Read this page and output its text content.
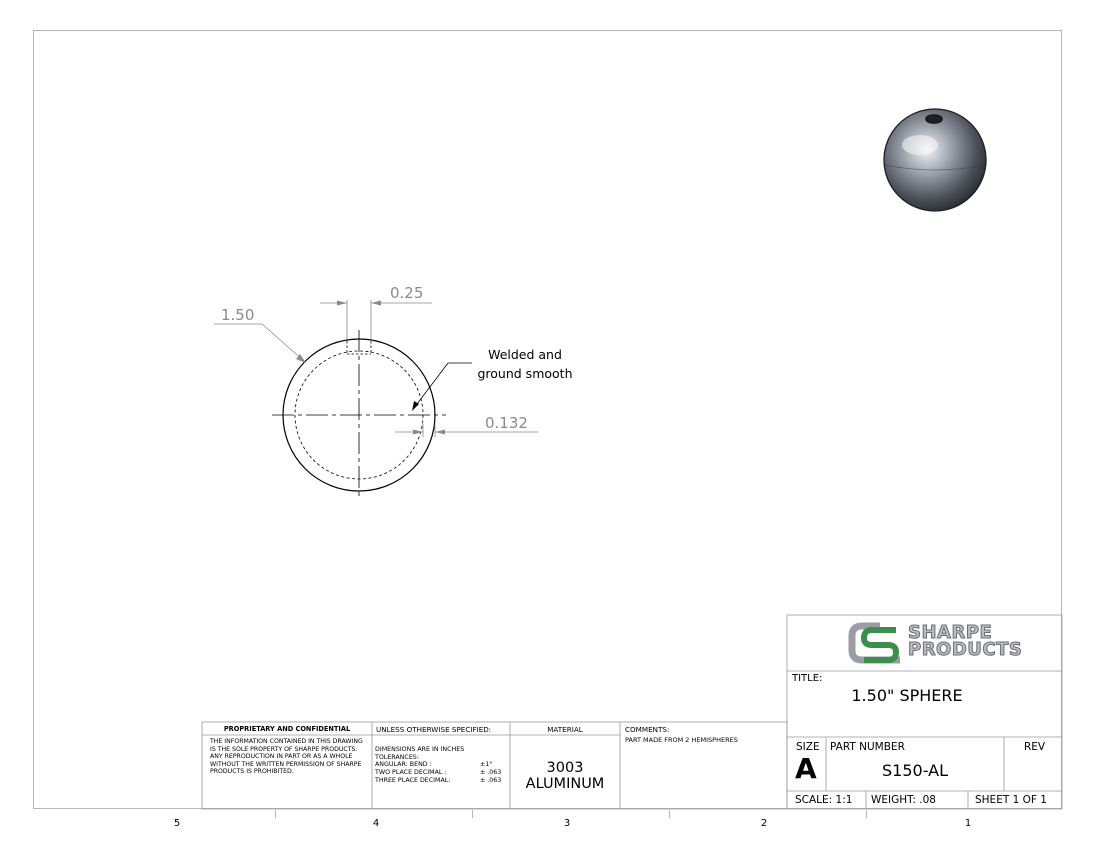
1.50
0.25
0.132
Welded and
ground smooth
SHARPE
PRODUCTS
TITLE:
1.50" SPHERE
SIZE
A
PART NUMBER
S150-AL
REV
SCALE: 1:1 WEIGHT: .08	SHEET 1 OF 1
PROPRIETARY AND CONFIDENTIAL
THE INFORMATION CONTAINED IN THIS DRAWING IS THE SOLE PROPERTY OF SHARPE PRODUCTS. ANY REPRODUCTION IN PART OR AS A WHOLE WITHOUT THE WRITTEN PERMISSION OF SHARPE PRODUCTS IS PROHIBITED.
UNLESS OTHERWISE SPECIFIED:
DIMENSIONS ARE IN INCHES
TOLERANCES:
ANGULAR: BEND :	±1°
TWO PLACE DECIMAL :	± .063
THREE PLACE DECIMAL:	± .063
MATERIAL
3003
ALUMINUM
COMMENTS:
PART MADE FROM 2 HEMISPHERES
5	4	3	2	1
